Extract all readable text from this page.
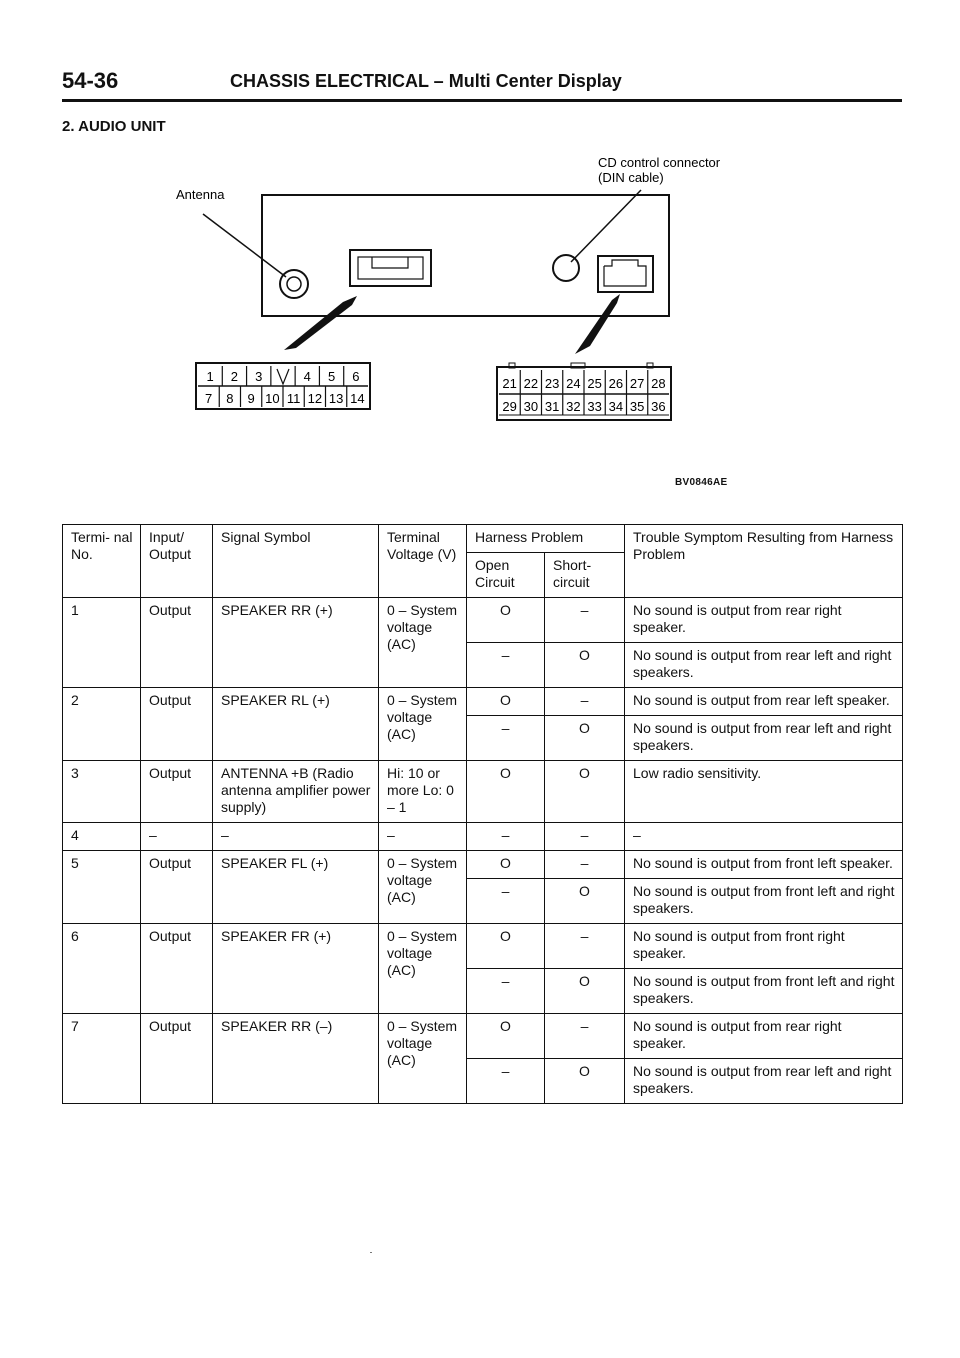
54-36	CHASSIS ELECTRICAL – Multi Center Display
2. AUDIO UNIT
Antenna
CD control connector
(DIN cable)
1 2 3	4 5 6
7 8 9 10 11 12 13 14
21 22 23 24 25 26 27 28
29 30 31 32 33 34 35 36
BV0846AE
Termi- nal No.	Input/ Output	Signal Symbol	Terminal Voltage (V)	Harness Problem		Trouble Symptom Resulting from Harness Problem
				Open Circuit	Short- circuit	
1	Output	SPEAKER RR (+)	0 – System voltage (AC)	O	–	No sound is output from rear right speaker.
				–	O	No sound is output from rear left and right speakers.
2	Output	SPEAKER RL (+)	0 – System voltage (AC)	O	–	No sound is output from rear left speaker.
				–	O	No sound is output from rear left and right speakers.
3	Output	ANTENNA +B (Radio antenna amplifier power supply)	Hi: 10 or more Lo: 0 – 1	O	O	Low radio sensitivity.
4	–	–	–	–	–	–
5	Output	SPEAKER FL (+)	0 – System voltage (AC)	O	–	No sound is output from front left speaker.
				–	O	No sound is output from front left and right speakers.
6	Output	SPEAKER FR (+)	0 – System voltage (AC)	O	–	No sound is output from front right speaker.
				–	O	No sound is output from front left and right speakers.
7	Output	SPEAKER RR (–)	0 – System voltage (AC)	O	–	No sound is output from rear right speaker.
				–	O	No sound is output from rear left and right speakers.
